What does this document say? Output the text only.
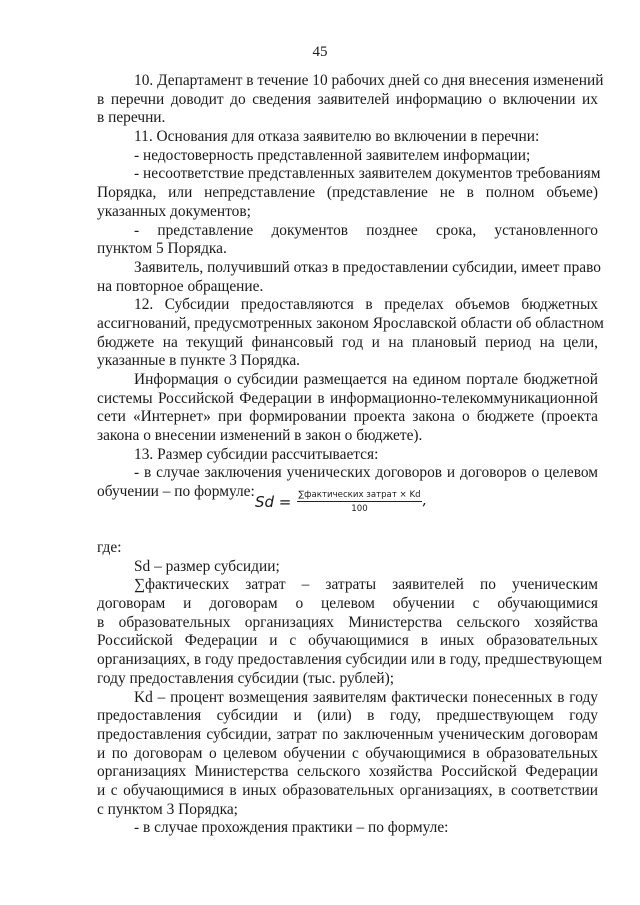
45
10. Департамент в течение 10 рабочих дней со дня внесения изменений
в перечни доводит до сведения заявителей информацию о включении их
в перечни.
11. Основания для отказа заявителю во включении в перечни:
- недостоверность представленной заявителем информации;
- несоответствие представленных заявителем документов требованиям
Порядка, или непредставление (представление не в полном объеме)
указанных документов;
- представление документов позднее срока, установленного
пунктом 5 Порядка.
Заявитель, получивший отказ в предоставлении субсидии, имеет право
на повторное обращение.
12. Субсидии предоставляются в пределах объемов бюджетных
ассигнований, предусмотренных законом Ярославской области об областном
бюджете на текущий финансовый год и на плановый период на цели,
указанные в пункте 3 Порядка.
Информация о субсидии размещается на едином портале бюджетной
системы Российской Федерации в информационно-телекоммуникационной
сети «Интернет» при формировании проекта закона о бюджете (проекта
закона о внесении изменений в закон о бюджете).
13. Размер субсидии рассчитывается:
- в случае заключения ученических договоров и договоров о целевом
обучении – по формуле:
$Sd = \frac{\text{∑фактических затрат × Kd}}{100}$ ,
где:
Sd – размер субсидии;
∑фактических затрат – затраты заявителей по ученическим
договорам и договорам о целевом обучении с обучающимися
в образовательных организациях Министерства сельского хозяйства
Российской Федерации и с обучающимися в иных образовательных
организациях, в году предоставления субсидии или в году, предшествующем
году предоставления субсидии (тыс. рублей);
Kd – процент возмещения заявителям фактически понесенных в году
предоставления субсидии и (или) в году, предшествующем году
предоставления субсидии, затрат по заключенным ученическим договорам
и по договорам о целевом обучении с обучающимися в образовательных
организациях Министерства сельского хозяйства Российской Федерации
и с обучающимися в иных образовательных организациях, в соответствии
с пунктом 3 Порядка;
- в случае прохождения практики – по формуле:
